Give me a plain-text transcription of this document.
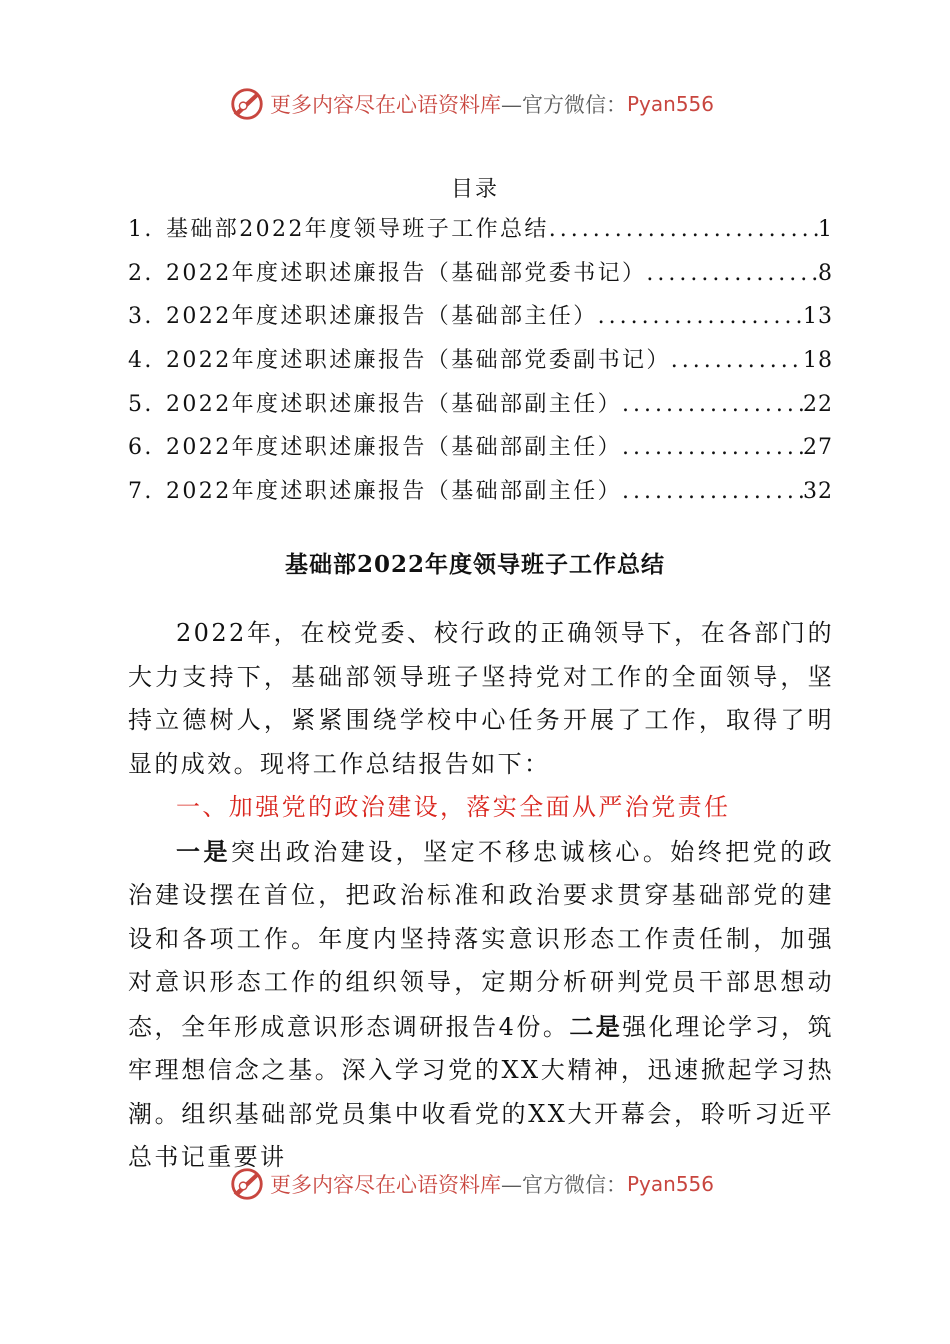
更多内容尽在心语资料库 —官方微信： Pyan556
目录
1. 基础部2022年度领导班子工作总结 .....	1
2. 2022年度述职述廉报告（基础部党委书记） .....	8
3. 2022年度述职述廉报告（基础部主任） .....	13
4. 2022年度述职述廉报告（基础部党委副书记） .....	18
5. 2022年度述职述廉报告（基础部副主任） .....	22
6. 2022年度述职述廉报告（基础部副主任） .....	27
7. 2022年度述职述廉报告（基础部副主任） .....	32
基础部2022年度领导班子工作总结

2022年，在校党委、校行政的正确领导下，在各部门的大力支持下，基础部领导班子坚持党对工作的全面领导，坚持立德树人，紧紧围绕学校中心任务开展了工作，取得了明显的成效。现将工作总结报告如下：

一、加强党的政治建设，落实全面从严治党责任

一是突出政治建设，坚定不移忠诚核心。始终把党的政治建设摆在首位，把政治标准和政治要求贯穿基础部党的建设和各项工作。年度内坚持落实意识形态工作责任制，加强对意识形态工作的组织领导，定期分析研判党员干部思想动态，全年形成意识形态调研报告4份。二是强化理论学习，筑牢理想信念之基。深入学习党的XX大精神，迅速掀起学习热潮。组织基础部党员集中收看党的XX大开幕会，聆听习近平总书记重要讲

更多内容尽在心语资料库 —官方微信： Pyan556
